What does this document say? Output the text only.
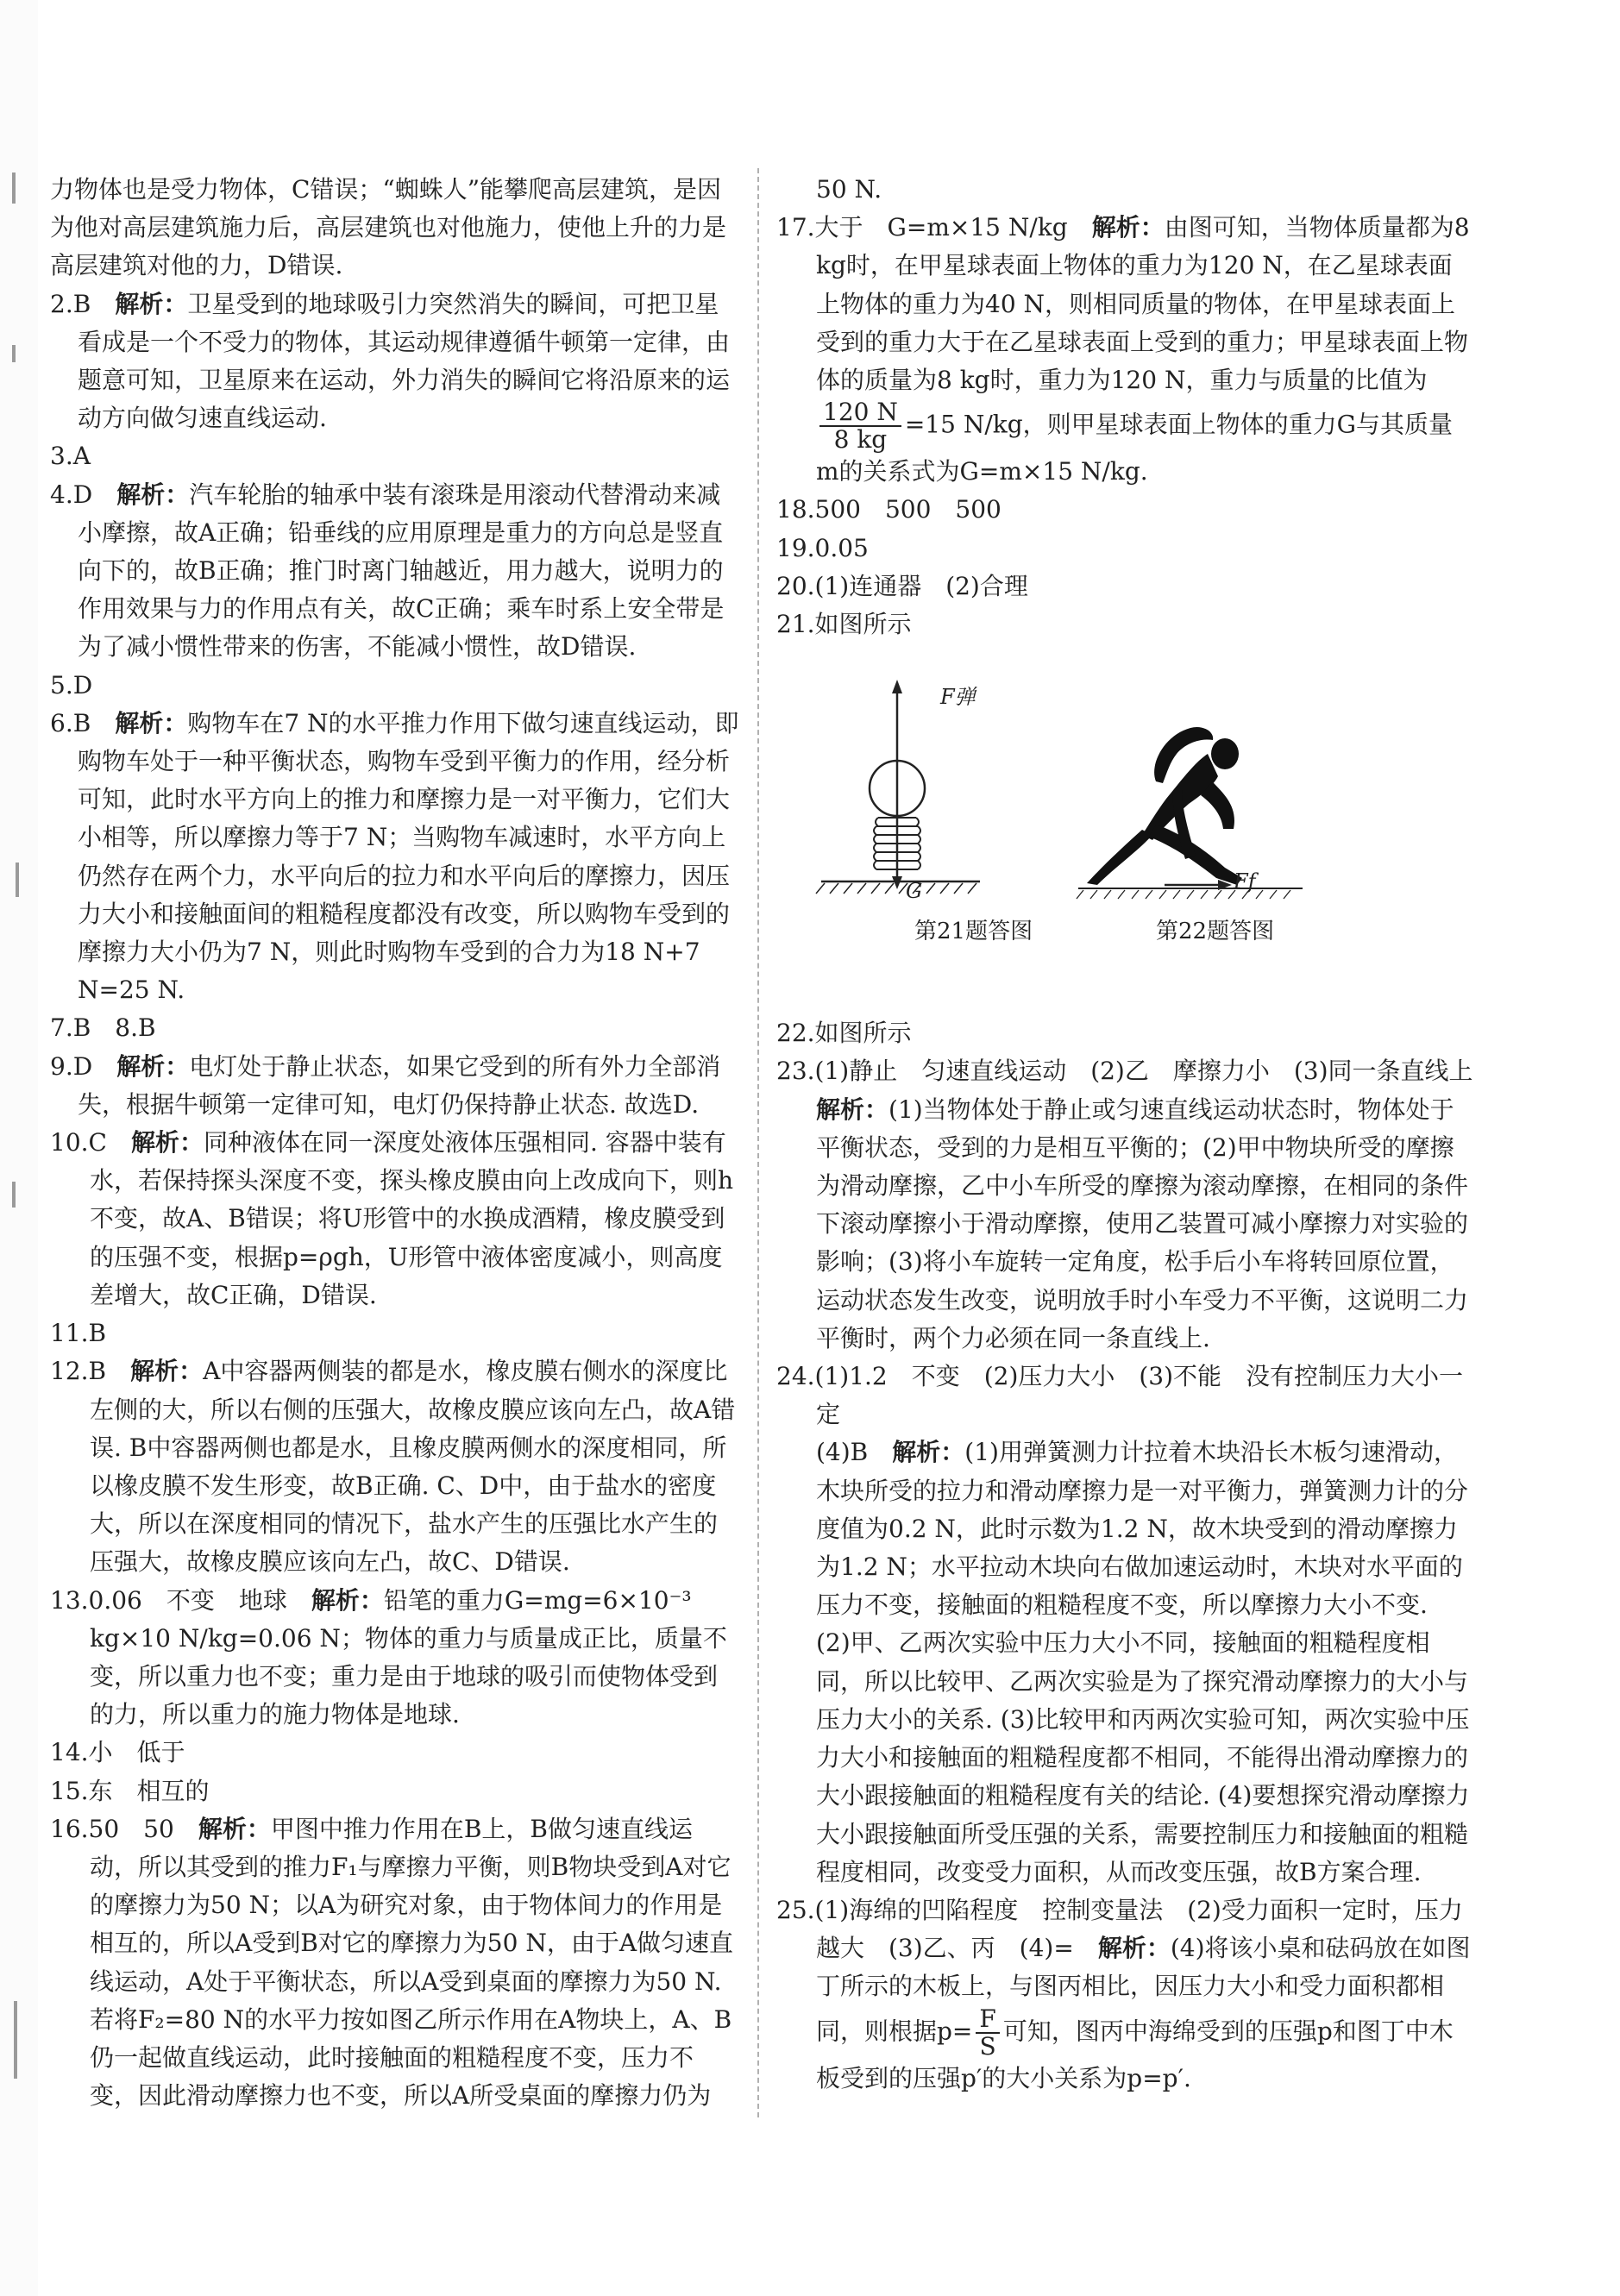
力物体也是受力物体，C错误；“蜘蛛人”能攀爬高层建筑，是因为他对高层建筑施力后，高层建筑也对他施力，使他上升的力是高层建筑对他的力，D错误.

2.B　 解析：卫星受到的地球吸引力突然消失的瞬间，可把卫星看成是一个不受力的物体，其运动规律遵循牛顿第一定律，由题意可知，卫星原来在运动，外力消失的瞬间它将沿原来的运动方向做匀速直线运动.

3.A

4.D　 解析：汽车轮胎的轴承中装有滚珠是用滚动代替滑动来减小摩擦，故A正确；铅垂线的应用原理是重力的方向总是竖直向下的，故B正确；推门时离门轴越近，用力越大，说明力的作用效果与力的作用点有关，故C正确；乘车时系上安全带是为了减小惯性带来的伤害，不能减小惯性，故D错误.

5.D

6.B　 解析：购物车在7 N的水平推力作用下做匀速直线运动，即购物车处于一种平衡状态，购物车受到平衡力的作用，经分析可知，此时水平方向上的推力和摩擦力是一对平衡力，它们大小相等，所以摩擦力等于7 N；当购物车减速时，水平方向上仍然存在两个力，水平向后的拉力和水平向后的摩擦力，因压力大小和接触面间的粗糙程度都没有改变，所以购物车受到的摩擦力大小仍为7 N，则此时购物车受到的合力为18 N+7 N=25 N.

7.B　8.B

9.D　 解析：电灯处于静止状态，如果它受到的所有外力全部消失，根据牛顿第一定律可知，电灯仍保持静止状态. 故选D.

10.C　 解析：同种液体在同一深度处液体压强相同. 容器中装有水，若保持探头深度不变，探头橡皮膜由向上改成向下，则h不变，故A、B错误；将U形管中的水换成酒精，橡皮膜受到的压强不变，根据p=ρgh，U形管中液体密度减小，则高度差增大，故C正确，D错误.

11.B

12.B　 解析：A中容器两侧装的都是水，橡皮膜右侧水的深度比左侧的大，所以右侧的压强大，故橡皮膜应该向左凸，故A错误. B中容器两侧也都是水，且橡皮膜两侧水的深度相同，所以橡皮膜不发生形变，故B正确. C、D中，由于盐水的密度大，所以在深度相同的情况下，盐水产生的压强比水产生的压强大，故橡皮膜应该向左凸，故C、D错误.

13.0.06　不变　地球　 解析：铅笔的重力G=mg=6×10⁻³ kg×10 N/kg=0.06 N；物体的重力与质量成正比，质量不变，所以重力也不变；重力是由于地球的吸引而使物体受到的力，所以重力的施力物体是地球.

14.小　低于

15.东　相互的

16.50　50　 解析：甲图中推力作用在B上，B做匀速直线运动，所以其受到的推力F₁与摩擦力平衡，则B物块受到A对它的摩擦力为50 N；以A为研究对象，由于物体间力的作用是相互的，所以A受到B对它的摩擦力为50 N，由于A做匀速直线运动，A处于平衡状态，所以A受到桌面的摩擦力为50 N. 若将F₂=80 N的水平力按如图乙所示作用在A物块上，A、B仍一起做直线运动，此时接触面的粗糙程度不变，压力不变，因此滑动摩擦力也不变，所以A所受桌面的摩擦力仍为

50 N.

17.大于　G=m×15 N/kg　 解析：由图可知，当物体质量都为8 kg时，在甲星球表面上物体的重力为120 N，在乙星球表面上物体的重力为40 N，则相同质量的物体，在甲星球表面上受到的重力大于在乙星球表面上受到的重力；甲星球表面上物体的质量为8 kg时，重力为120 N，重力与质量的比值为

$\frac{120 N}{8 kg} =15$ N/kg，则甲星球表面上物体的重力G与其质量m的关系式为G=m×15 N/kg.

18.500　500　500

19.0.05

20.(1)连通器　(2)合理

21.如图所示

F弹
G	Ff
第21题答图	第22题答图

22.如图所示

23.(1)静止　匀速直线运动　(2)乙　摩擦力小　(3)同一条直线上　解析：(1)当物体处于静止或匀速直线运动状态时，物体处于平衡状态，受到的力是相互平衡的；(2)甲中物块所受的摩擦为滑动摩擦，乙中小车所受的摩擦为滚动摩擦，在相同的条件下滚动摩擦小于滑动摩擦，使用乙装置可减小摩擦力对实验的影响；(3)将小车旋转一定角度，松手后小车将转回原位置，运动状态发生改变，说明放手时小车受力不平衡，这说明二力平衡时，两个力必须在同一条直线上.

24.(1)1.2　不变　(2)压力大小　(3)不能　没有控制压力大小一定

(4)B　 解析：(1)用弹簧测力计拉着木块沿长木板匀速滑动，木块所受的拉力和滑动摩擦力是一对平衡力，弹簧测力计的分度值为0.2 N，此时示数为1.2 N，故木块受到的滑动摩擦力为1.2 N；水平拉动木块向右做加速运动时，木块对水平面的压力不变，接触面的粗糙程度不变，所以摩擦力大小不变.

(2)甲、乙两次实验中压力大小不同，接触面的粗糙程度相同，所以比较甲、乙两次实验是为了探究滑动摩擦力的大小与压力大小的关系. (3)比较甲和丙两次实验可知，两次实验中压力大小和接触面的粗糙程度都不相同，不能得出滑动摩擦力的大小跟接触面的粗糙程度有关的结论. (4)要想探究滑动摩擦力大小跟接触面所受压强的关系，需要控制压力和接触面的粗糙程度相同，改变受力面积，从而改变压强，故B方案合理.

25.(1)海绵的凹陷程度　控制变量法　(2)受力面积一定时，压力越大　(3)乙、丙　(4)=　 解析：(4)将该小桌和砝码放在如图丁所示的木板上，与图丙相比，因压力大小和受力面积都相同，则根据$p= \frac{F}{S}$ 可知，图丙中海绵受到的压强p和图丁中木板受到的压强p′的大小关系为p=p′.
